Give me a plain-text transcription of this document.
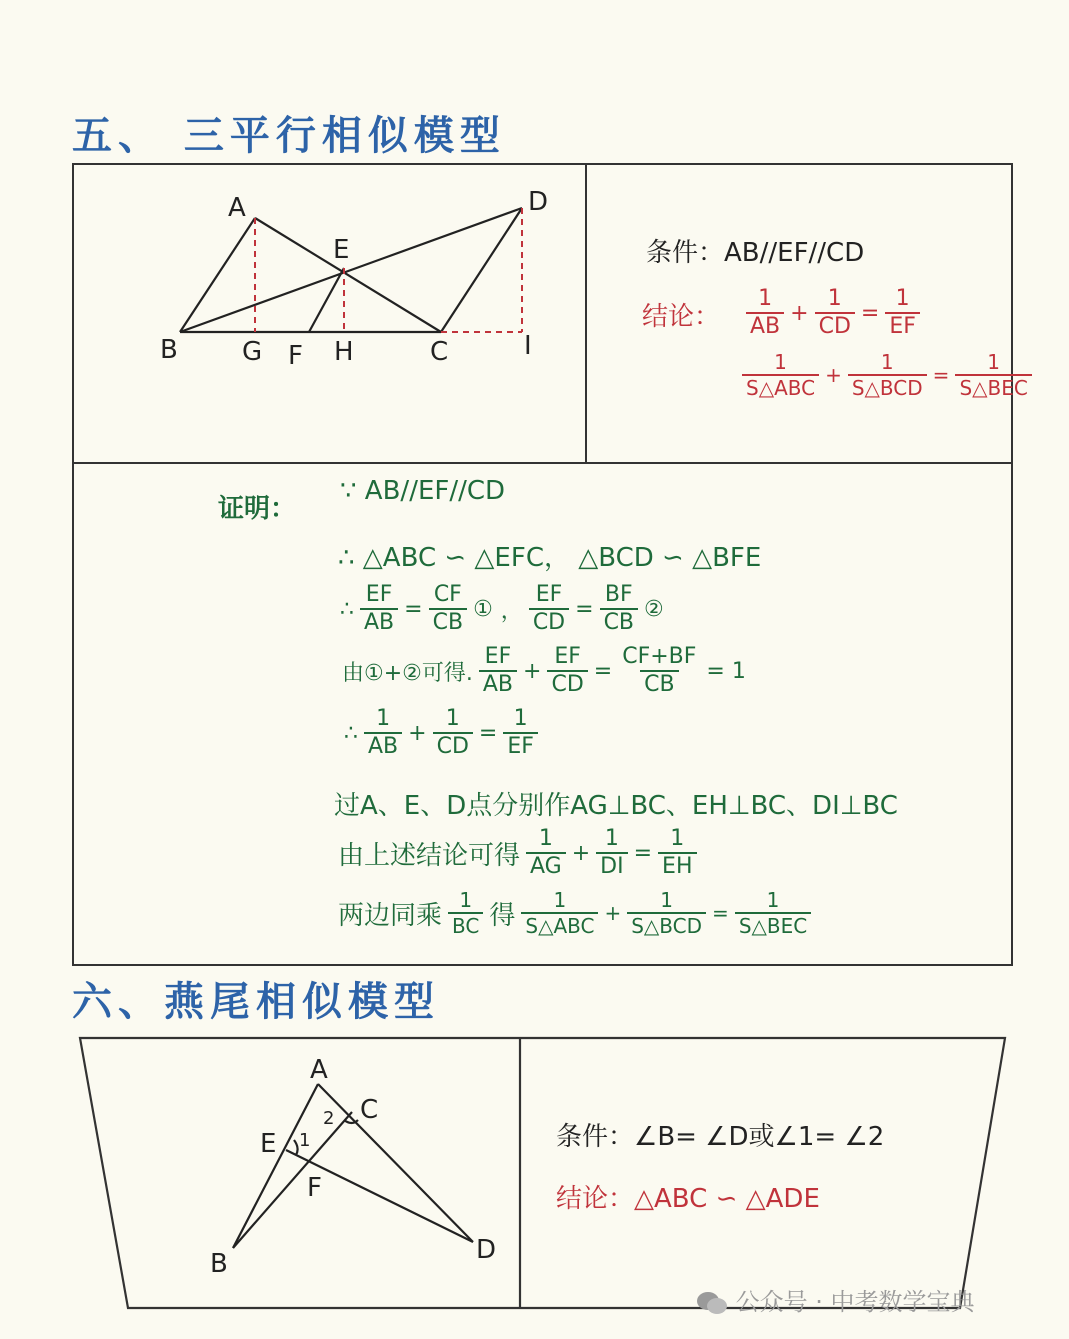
五、 三平行相似模型
A
B	C
D
E
F
G	H	I
条件：AB//EF//CD
结论： $\frac{1}{AB} + \frac{1}{CD} = \frac{1}{EF}$
$\frac{1}{\text{S△ABC}} + \frac{1}{\text{S△BCD}} = \frac{1}{\text{S△BEC}}$
∵ AB//EF//CD
证明：
∴ △ABC ∽ △EFC， △BCD ∽ △BFE
∴ $\frac{EF}{AB} = \frac{CF}{CB}$ ① ， $\frac{EF}{CD} = \frac{BF}{CB}$ ②
由①+②可得. $\frac{EF}{AB} + \frac{EF}{CD} = \frac{CF+BF}{CB} = 1$
∴ $\frac{1}{AB} + \frac{1}{CD} = \frac{1}{EF}$
过A、E、D点分别作AG⊥BC、EH⊥BC、DI⊥BC
由上述结论可得 $\frac{1}{AG} + \frac{1}{DI} = \frac{1}{EH}$
两边同乘 $\frac{1}{BC}$ 得 $\frac{1}{\text{S△ABC}} + \frac{1}{\text{S△BCD}} = \frac{1}{\text{S△BEC}}$
六、燕尾相似模型
A
B
C
D
E
F
1
2
条件：∠B= ∠D或∠1= ∠2
结论：△ABC ∽ △ADE
公众号 · 中考数学宝典
